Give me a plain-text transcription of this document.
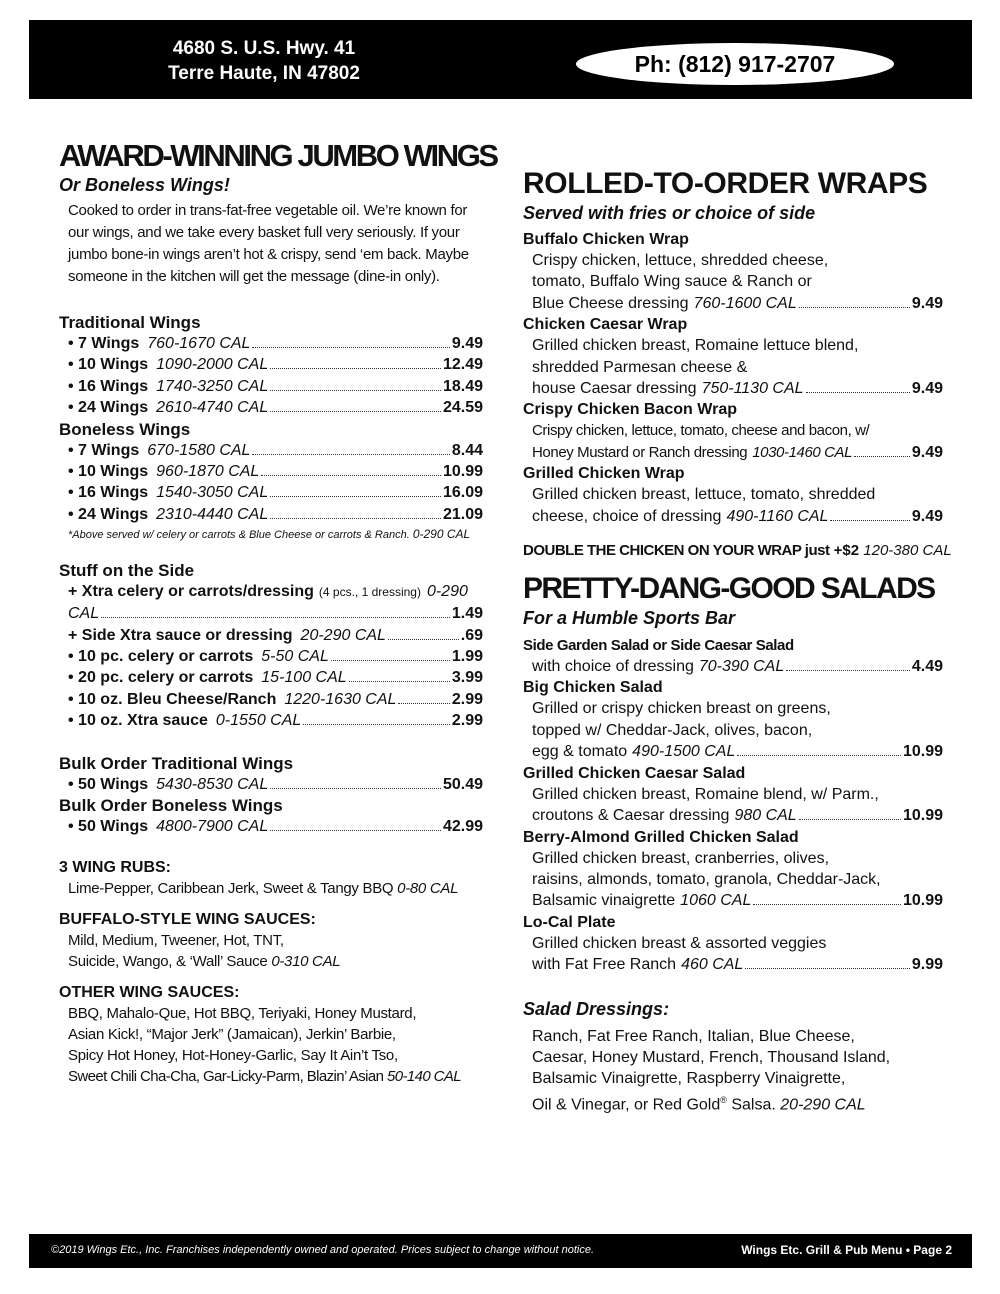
4680 S. U.S. Hwy. 41
Terre Haute, IN 47802	Ph: (812) 917-2707
AWARD-WINNING JUMBO WINGS
Or Boneless Wings!
Cooked to order in trans-fat-free vegetable oil. We’re known for our wings, and we take every basket full very seriously. If your jumbo bone-in wings aren’t hot & crispy, send ‘em back. Maybe someone in the kitchen will get the message (dine-in only).
Traditional Wings
• 7 Wings 760-1670 CAL	9.49
• 10 Wings 1090-2000 CAL	12.49
• 16 Wings 1740-3250 CAL	18.49
• 24 Wings 2610-4740 CAL	24.59
Boneless Wings
• 7 Wings 670-1580 CAL	8.44
• 10 Wings 960-1870 CAL	10.99
• 16 Wings 1540-3050 CAL	16.09
• 24 Wings 2310-4440 CAL	21.09
*Above served w/ celery or carrots & Blue Cheese or carrots & Ranch. 0-290 CAL
Stuff on the Side
+ Xtra celery or carrots/dressing (4 pcs., 1 dressing) 0-290
CAL	1.49
+ Side Xtra sauce or dressing 20-290 CAL	.69
• 10 pc. celery or carrots 5-50 CAL	1.99
• 20 pc. celery or carrots 15-100 CAL	3.99
• 10 oz. Bleu Cheese/Ranch 1220-1630 CAL	2.99
• 10 oz. Xtra sauce 0-1550 CAL	2.99
Bulk Order Traditional Wings
• 50 Wings 5430-8530 CAL	50.49
Bulk Order Boneless Wings
• 50 Wings 4800-7900 CAL	42.99
3 WING RUBS:
Lime-Pepper, Caribbean Jerk, Sweet & Tangy BBQ 0-80 CAL
BUFFALO-STYLE WING SAUCES:
Mild, Medium, Tweener, Hot, TNT,
Suicide, Wango, & ‘Wall’ Sauce 0-310 CAL
OTHER WING SAUCES:
BBQ, Mahalo-Que, Hot BBQ, Teriyaki, Honey Mustard,
Asian Kick!, “Major Jerk” (Jamaican), Jerkin’ Barbie,
Spicy Hot Honey, Hot-Honey-Garlic, Say It Ain’t Tso,
Sweet Chili Cha-Cha, Gar-Licky-Parm, Blazin’ Asian 50-140 CAL
ROLLED-TO-ORDER WRAPS
Served with fries or choice of side
Buffalo Chicken Wrap
Crispy chicken, lettuce, shredded cheese,
tomato, Buffalo Wing sauce & Ranch or
Blue Cheese dressing 760-1600 CAL	9.49
Chicken Caesar Wrap
Grilled chicken breast, Romaine lettuce blend,
shredded Parmesan cheese &
house Caesar dressing 750-1130 CAL	9.49
Crispy Chicken Bacon Wrap
Crispy chicken, lettuce, tomato, cheese and bacon, w/
Honey Mustard or Ranch dressing 1030-1460 CAL	9.49
Grilled Chicken Wrap
Grilled chicken breast, lettuce, tomato, shredded
cheese, choice of dressing 490-1160 CAL	9.49
DOUBLE THE CHICKEN ON YOUR WRAP just +$2 120-380 CAL
PRETTY-DANG-GOOD SALADS
For a Humble Sports Bar
Side Garden Salad or Side Caesar Salad
with choice of dressing 70-390 CAL	4.49
Big Chicken Salad
Grilled or crispy chicken breast on greens,
topped w/ Cheddar-Jack, olives, bacon,
egg & tomato 490-1500 CAL	10.99
Grilled Chicken Caesar Salad
Grilled chicken breast, Romaine blend, w/ Parm.,
croutons & Caesar dressing 980 CAL	10.99
Berry-Almond Grilled Chicken Salad
Grilled chicken breast, cranberries, olives,
raisins, almonds, tomato, granola, Cheddar-Jack,
Balsamic vinaigrette 1060 CAL	10.99
Lo-Cal Plate
Grilled chicken breast & assorted veggies
with Fat Free Ranch 460 CAL	9.99
Salad Dressings:
Ranch, Fat Free Ranch, Italian, Blue Cheese,
Caesar, Honey Mustard, French, Thousand Island,
Balsamic Vinaigrette, Raspberry Vinaigrette,
Oil & Vinegar, or Red Gold® Salsa. 20-290 CAL
©2019 Wings Etc., Inc. Franchises independently owned and operated. Prices subject to change without notice.	Wings Etc. Grill & Pub Menu • Page 2
